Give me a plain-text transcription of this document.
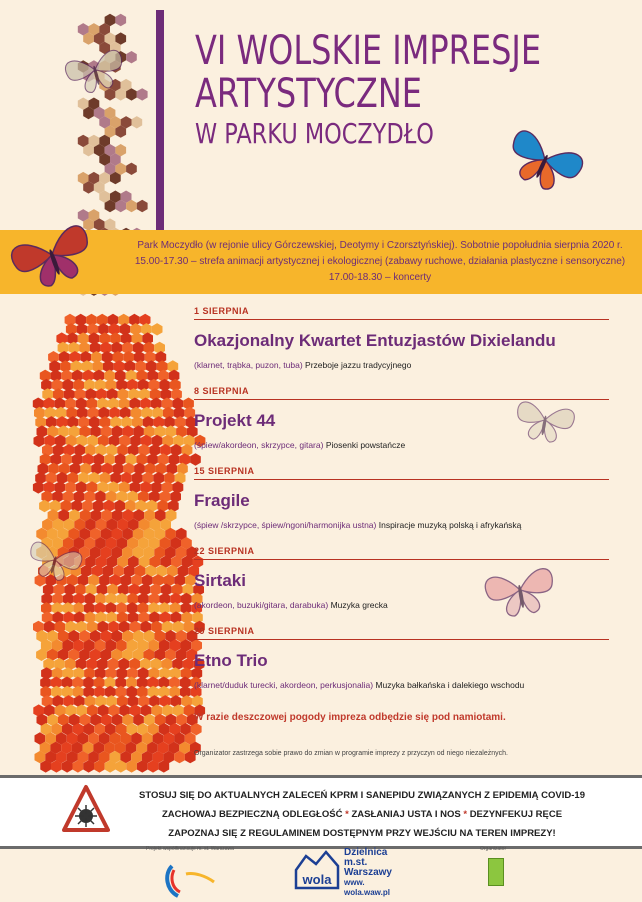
VI WOLSKIE IMPRESJE
ARTYSTYCZNE
W PARKU MOCZYDŁO
Park Moczydło (w rejonie ulicy Górczewskiej, Deotymy i Czorsztyńskiej). Sobotnie popołudnia sierpnia 2020 r.
15.00-17.30 – strefa animacji artystycznej i ekologicznej (zabawy ruchowe, działania plastyczne i sensoryczne)
17.00-18.30 – koncerty
1 SIERPNIA
Okazjonalny Kwartet Entuzjastów Dixielandu
(klarnet, trąbka, puzon, tuba) Przeboje jazzu tradycyjnego
8 SIERPNIA
Projekt 44
(śpiew/akordeon, skrzypce, gitara) Piosenki powstańcze
15 SIERPNIA
Fragile
(śpiew /skrzypce, śpiew/ngoni/harmonijka ustna) Inspiracje muzyką polską i afrykańską
22 SIERPNIA
Sirtaki
(akordeon, buzuki/gitara, darabuka) Muzyka grecka
29 SIERPNIA
Etno Trio
(klarnet/duduk turecki, akordeon, perkusjonalia) Muzyka bałkańska i dalekiego wschodu
W razie deszczowej pogody impreza odbędzie się pod namiotami.
Organizator zastrzega sobie prawo do zmian w programie imprezy z przyczyn od niego niezależnych.
STOSUJ SIĘ DO AKTUALNYCH ZALECEŃ KPRM I SANEPIDU ZWIĄZANYCH Z EPIDEMIĄ COVID-19
ZACHOWAJ BEZPIECZNĄ ODLEGŁOŚĆ * ZASŁANIAJ USTA I NOS * DEZYNFEKUJ RĘCE
ZAPOZNAJ SIĘ Z REGULAMINEM DOSTĘPNYM PRZY WEJŚCIU NA TEREN IMPREZY!
Projekt współfinansuje m. st. Warszawa
wola
Dzielnica
m.st.
Warszawy
www.
wola.waw.pl
Organizator
